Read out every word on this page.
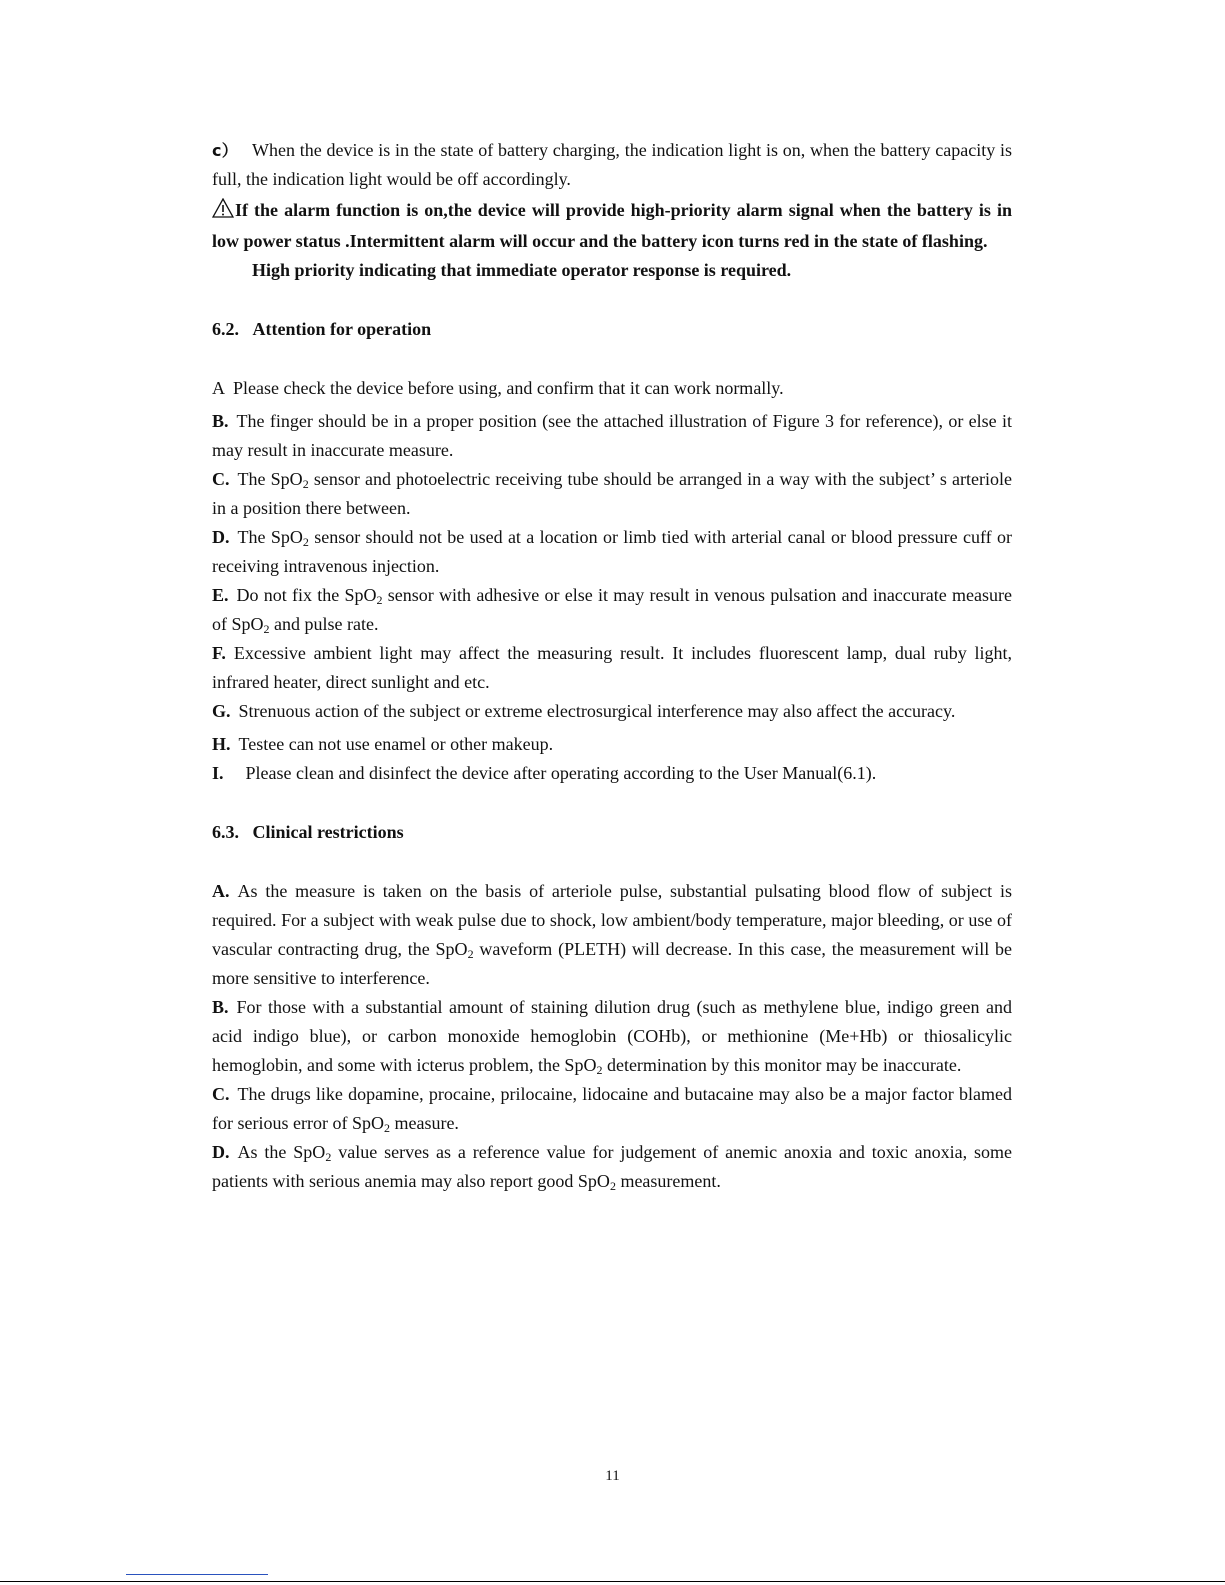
c） When the device is in the state of battery charging, the indication light is on, when the battery capacity is full, the indication light would be off accordingly.

If the alarm function is on,the device will provide high-priority alarm signal when the battery is in low power status .Intermittent alarm will occur and the battery icon turns red in the state of flashing.

High priority indicating that immediate operator response is required.

6.2. Attention for operation

A Please check the device before using, and confirm that it can work normally.

B. The finger should be in a proper position (see the attached illustration of Figure 3 for reference), or else it may result in inaccurate measure.

C. The SpO$_2$ sensor and photoelectric receiving tube should be arranged in a way with the subject’ s arteriole in a position there between.

D. The SpO$_2$ sensor should not be used at a location or limb tied with arterial canal or blood pressure cuff or receiving intravenous injection.

E. Do not fix the SpO$_2$ sensor with adhesive or else it may result in venous pulsation and inaccurate measure of SpO$_2$ and pulse rate.

F. Excessive ambient light may affect the measuring result. It includes fluorescent lamp, dual ruby light, infrared heater, direct sunlight and etc.

G. Strenuous action of the subject or extreme electrosurgical interference may also affect the accuracy.

H. Testee can not use enamel or other makeup.

I. Please clean and disinfect the device after operating according to the User Manual(6.1).

6.3. Clinical restrictions

A. As the measure is taken on the basis of arteriole pulse, substantial pulsating blood flow of subject is required. For a subject with weak pulse due to shock, low ambient/body temperature, major bleeding, or use of vascular contracting drug, the SpO$_2$ waveform (PLETH) will decrease. In this case, the measurement will be more sensitive to interference.

B. For those with a substantial amount of staining dilution drug (such as methylene blue, indigo green and acid indigo blue), or carbon monoxide hemoglobin (COHb), or methionine (Me+Hb) or thiosalicylic hemoglobin, and some with icterus problem, the SpO$_2$ determination by this monitor may be inaccurate.

C. The drugs like dopamine, procaine, prilocaine, lidocaine and butacaine may also be a major factor blamed for serious error of SpO$_2$ measure.

D. As the SpO$_2$ value serves as a reference value for judgement of anemic anoxia and toxic anoxia, some patients with serious anemia may also report good SpO$_2$ measurement.

11
